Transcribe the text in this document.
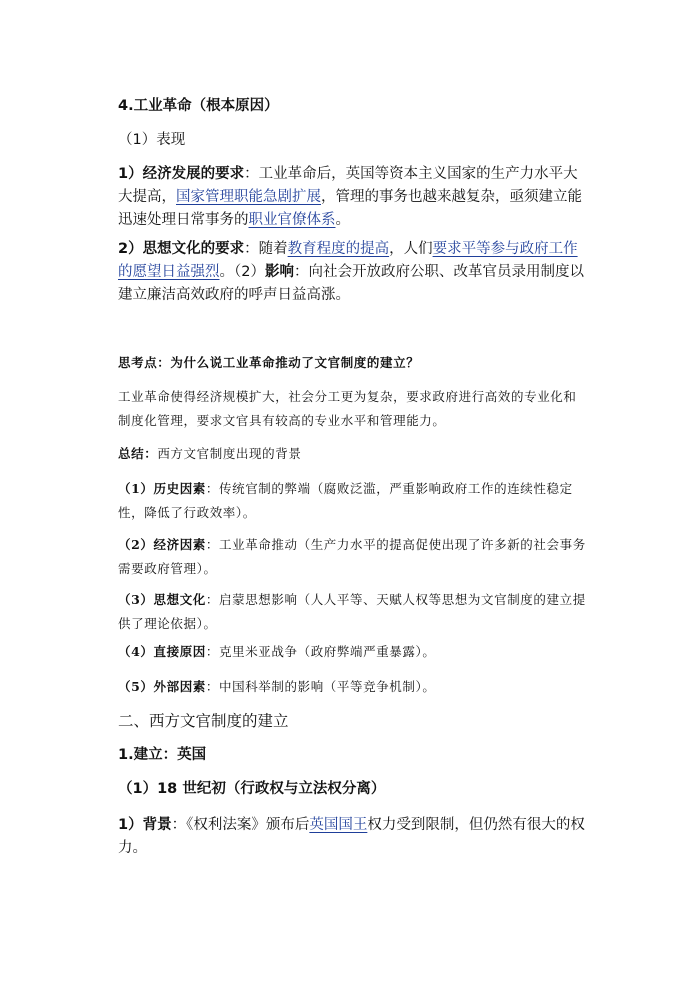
4.工业革命（根本原因）
（1）表现
1）经济发展的要求：工业革命后，英国等资本主义国家的生产力水平大大提高，国家管理职能急剧扩展，管理的事务也越来越复杂，亟须建立能迅速处理日常事务的职业官僚体系。
2）思想文化的要求：随着教育程度的提高，人们要求平等参与政府工作的愿望日益强烈。（2）影响：向社会开放政府公职、改革官员录用制度以建立廉洁高效政府的呼声日益高涨。
思考点：为什么说工业革命推动了文官制度的建立？
工业革命使得经济规模扩大，社会分工更为复杂，要求政府进行高效的专业化和制度化管理，要求文官具有较高的专业水平和管理能力。
总结：西方文官制度出现的背景
（1）历史因素：传统官制的弊端（腐败泛滥，严重影响政府工作的连续性稳定性，降低了行政效率）。
（2）经济因素：工业革命推动（生产力水平的提高促使出现了许多新的社会事务需要政府管理）。
（3）思想文化：启蒙思想影响（人人平等、天赋人权等思想为文官制度的建立提供了理论依据）。
（4）直接原因：克里米亚战争（政府弊端严重暴露）。
（5）外部因素：中国科举制的影响（平等竞争机制）。
二、西方文官制度的建立
1.建立：英国
（1）18 世纪初（行政权与立法权分离）
1）背景：《权利法案》颁布后英国国王权力受到限制，但仍然有很大的权力。
